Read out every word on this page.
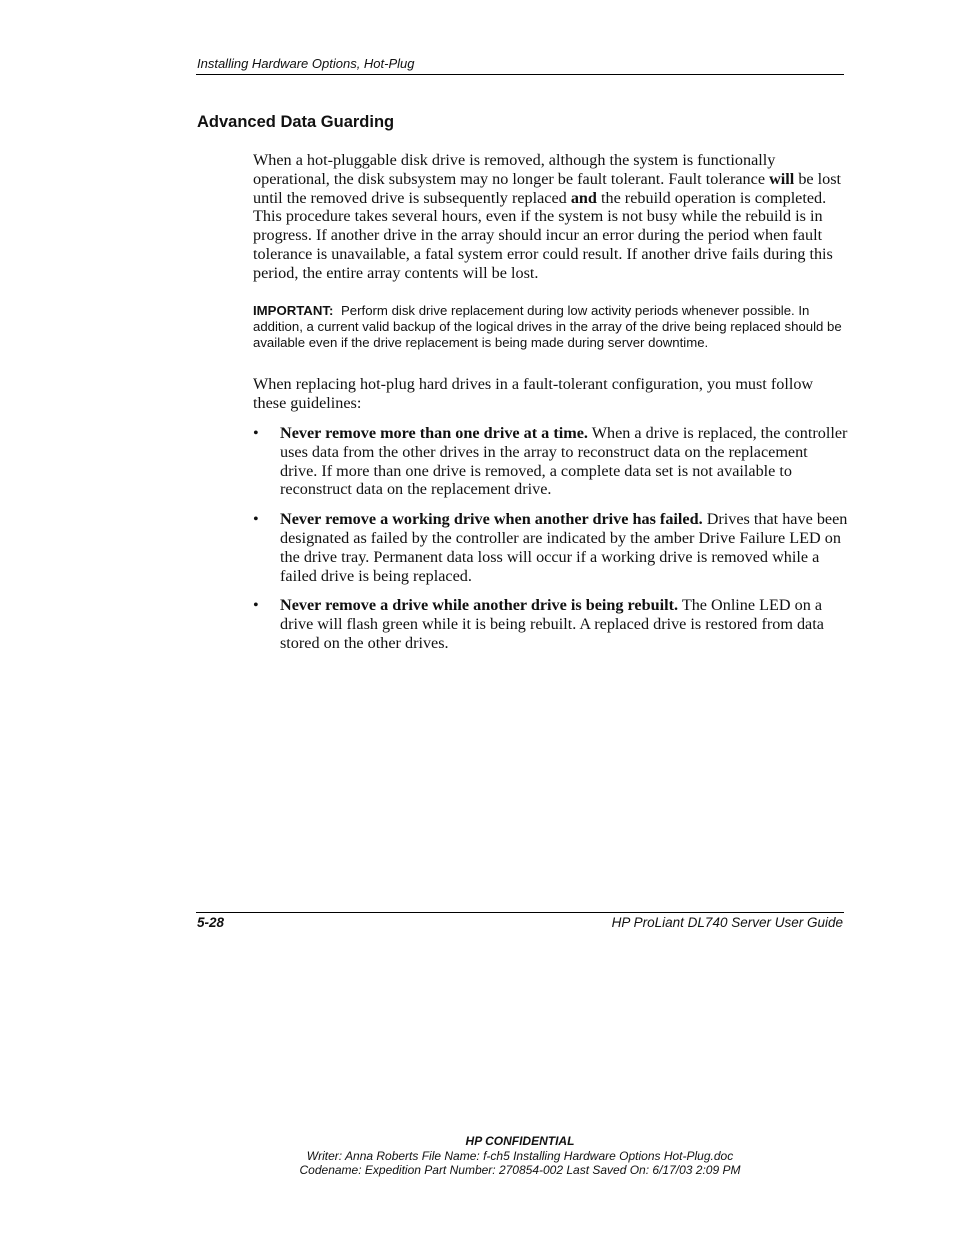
Installing Hardware Options, Hot-Plug
Advanced Data Guarding

When a hot-pluggable disk drive is removed, although the system is functionally operational, the disk subsystem may no longer be fault tolerant. Fault tolerance will be lost until the removed drive is subsequently replaced and the rebuild operation is completed. This procedure takes several hours, even if the system is not busy while the rebuild is in progress. If another drive in the array should incur an error during the period when fault tolerance is unavailable, a fatal system error could result. If another drive fails during this period, the entire array contents will be lost.

IMPORTANT: Perform disk drive replacement during low activity periods whenever possible. In addition, a current valid backup of the logical drives in the array of the drive being replaced should be available even if the drive replacement is being made during server downtime.

When replacing hot-plug hard drives in a fault-tolerant configuration, you must follow these guidelines:

• Never remove more than one drive at a time. When a drive is replaced, the controller uses data from the other drives in the array to reconstruct data on the replacement drive. If more than one drive is removed, a complete data set is not available to reconstruct data on the replacement drive.
• Never remove a working drive when another drive has failed. Drives that have been designated as failed by the controller are indicated by the amber Drive Failure LED on the drive tray. Permanent data loss will occur if a working drive is removed while a failed drive is being replaced.
• Never remove a drive while another drive is being rebuilt. The Online LED on a drive will flash green while it is being rebuilt. A replaced drive is restored from data stored on the other drives.
5-28	HP ProLiant DL740 Server User Guide
HP CONFIDENTIAL
Writer: Anna Roberts File Name: f-ch5 Installing Hardware Options Hot-Plug.doc
Codename: Expedition Part Number: 270854-002 Last Saved On: 6/17/03 2:09 PM
